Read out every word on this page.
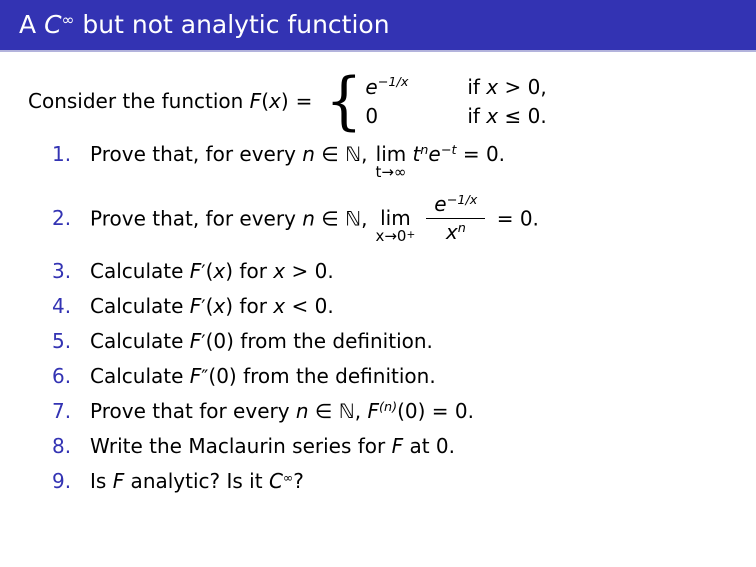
A C∞ but not analytic function
Consider the function F(x) = { $e^{-1/x}$	if x > 0,
0	if x ≤ 0.
1. Prove that, for every n ∈ ℕ, lim
t→∞
$t^ne^{-t} = 0$.
2. Prove that, for every n ∈ ℕ, lim
$x\to 0^+ \frac{e^{-1/x}}{x^n} = 0$.
3. Calculate F′(x) for x > 0.
4. Calculate F′(x) for x < 0.
5. Calculate F′(0) from the definition.
6. Calculate F″(0) from the definition.
7. Prove that for every n ∈ ℕ, $F^{(n)}(0) = 0$.
8. Write the Maclaurin series for F at 0.
9. Is F analytic? Is it C∞?
